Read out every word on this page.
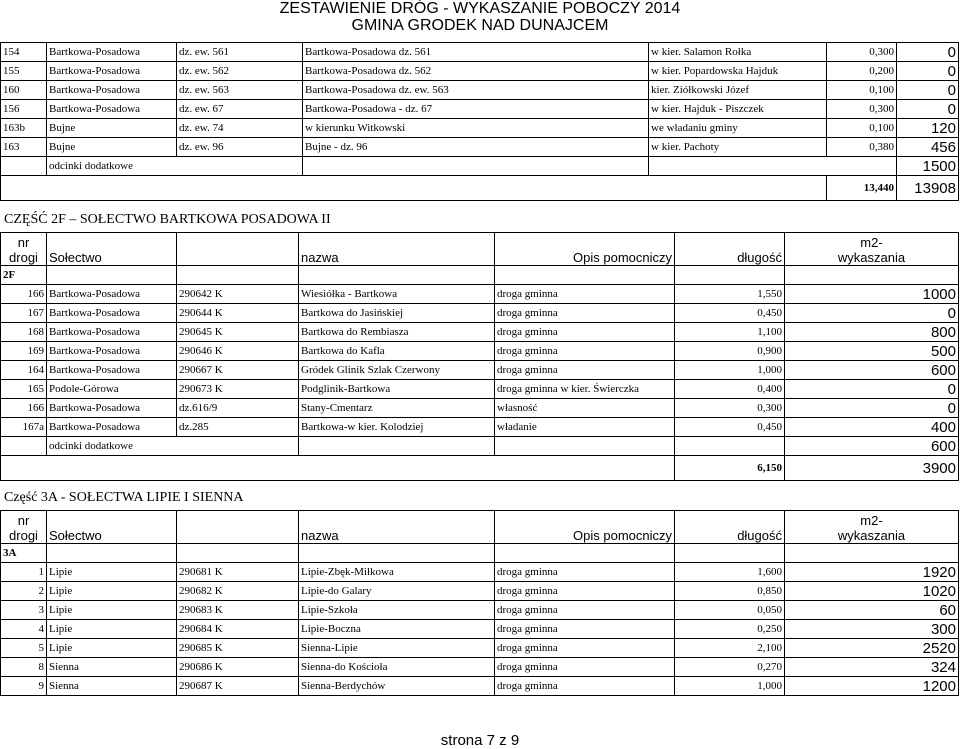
ZESTAWIENIE DRÓG - WYKASZANIE POBOCZY 2014
GMINA GRODEK NAD DUNAJCEM
154	Bartkowa-Posadowa	dz. ew. 561	Bartkowa-Posadowa dz. 561	w kier. Salamon Rołka	0,300	0
155	Bartkowa-Posadowa	dz. ew. 562	Bartkowa-Posadowa dz. 562	w kier. Popardowska Hajduk	0,200	0
160	Bartkowa-Posadowa	dz. ew. 563	Bartkowa-Posadowa dz. ew. 563	kier. Ziółkowski Józef	0,100	0
156	Bartkowa-Posadowa	dz. ew. 67	Bartkowa-Posadowa - dz. 67	w kier. Hajduk - Piszczek	0,300	0
163b	Bujne	dz. ew. 74	w kierunku Witkowski	we władaniu gminy	0,100	120
163	Bujne	dz. ew. 96	Bujne - dz. 96	w kier. Pachoty	0,380	456
	odcinki dodatkowe					1500
					13,440	13908
CZĘŚĆ 2F – SOŁECTWO BARTKOWA POSADOWA II
nr
drogi	Sołectwo		nazwa	Opis pomocniczy	długość	m2-
wykaszania
2F						
166	Bartkowa-Posadowa	290642 K	Wiesiółka - Bartkowa	droga gminna	1,550	1000
167	Bartkowa-Posadowa	290644 K	Bartkowa do Jasińskiej	droga gminna	0,450	0
168	Bartkowa-Posadowa	290645 K	Bartkowa do Rembiasza	droga gminna	1,100	800
169	Bartkowa-Posadowa	290646 K	Bartkowa do Kafla	droga gminna	0,900	500
164	Bartkowa-Posadowa	290667 K	Gródek Glinik Szlak Czerwony	droga gminna	1,000	600
165	Podole-Górowa	290673 K	Podglinik-Bartkowa	droga gminna w kier. Świerczka	0,400	0
166	Bartkowa-Posadowa	dz.616/9	Stany-Cmentarz	własność	0,300	0
167a	Bartkowa-Posadowa	dz.285	Bartkowa-w kier. Kolodziej	władanie	0,450	400
	odcinki dodatkowe					600
					6,150	3900
Część 3A - SOŁECTWA LIPIE I SIENNA
nr
drogi	Sołectwo		nazwa	Opis pomocniczy	długość	m2-
wykaszania
3A						
1	Lipie	290681 K	Lipie-Zbęk-Miłkowa	droga gminna	1,600	1920
2	Lipie	290682 K	Lipie-do Galary	droga gminna	0,850	1020
3	Lipie	290683 K	Lipie-Szkoła	droga gminna	0,050	60
4	Lipie	290684 K	Lipie-Boczna	droga gminna	0,250	300
5	Lipie	290685 K	Sienna-Lipie	droga gminna	2,100	2520
8	Sienna	290686 K	Sienna-do Kościoła	droga gminna	0,270	324
9	Sienna	290687 K	Sienna-Berdychów	droga gminna	1,000	1200
strona 7 z 9
